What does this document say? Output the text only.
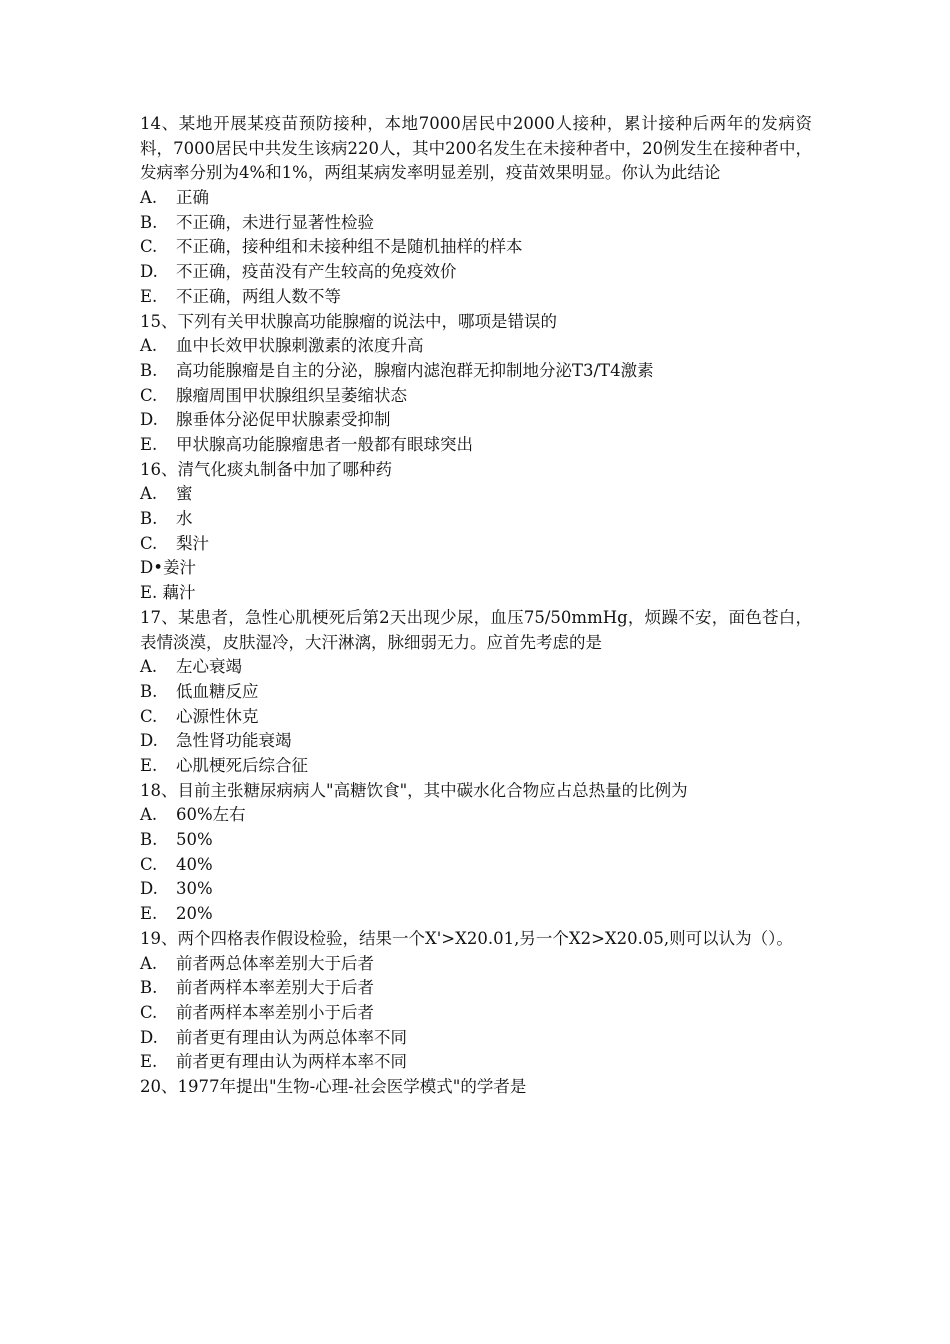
14、某地开展某疫苗预防接种，本地7000居民中2000人接种，累计接种后两年的发病资料，7000居民中共发生该病220人，其中200名发生在未接种者中，20例发生在接种者中，发病率分别为4%和1%，两组某病发率明显差别，疫苗效果明显。你认为此结论
A. 正确
B. 不正确，未进行显著性检验
C. 不正确，接种组和未接种组不是随机抽样的样本
D. 不正确，疫苗没有产生较高的免疫效价
E. 不正确，两组人数不等
15、下列有关甲状腺高功能腺瘤的说法中，哪项是错误的
A. 血中长效甲状腺刺激素的浓度升高
B. 高功能腺瘤是自主的分泌，腺瘤内滤泡群无抑制地分泌T3/T4激素
C. 腺瘤周围甲状腺组织呈萎缩状态
D. 腺垂体分泌促甲状腺素受抑制
E. 甲状腺高功能腺瘤患者一般都有眼球突出
16、清气化痰丸制备中加了哪种药
A. 蜜
B. 水
C. 梨汁
D•姜汁
E. 藕汁
17、某患者，急性心肌梗死后第2天出现少尿，血压75/50mmHg，烦躁不安，面色苍白，表情淡漠，皮肤湿冷，大汗淋漓，脉细弱无力。应首先考虑的是
A. 左心衰竭
B. 低血糖反应
C. 心源性休克
D. 急性肾功能衰竭
E. 心肌梗死后综合征
18、目前主张糖尿病病人"高糖饮食"，其中碳水化合物应占总热量的比例为
A. 60%左右
B. 50%
C. 40%
D. 30%
E. 20%
19、两个四格表作假设检验，结果一个X'>X20.01,另一个X2>X20.05,则可以认为（）。
A. 前者两总体率差别大于后者
B. 前者两样本率差别大于后者
C. 前者两样本率差别小于后者
D. 前者更有理由认为两总体率不同
E. 前者更有理由认为两样本率不同
20、1977年提出"生物-心理-社会医学模式"的学者是
